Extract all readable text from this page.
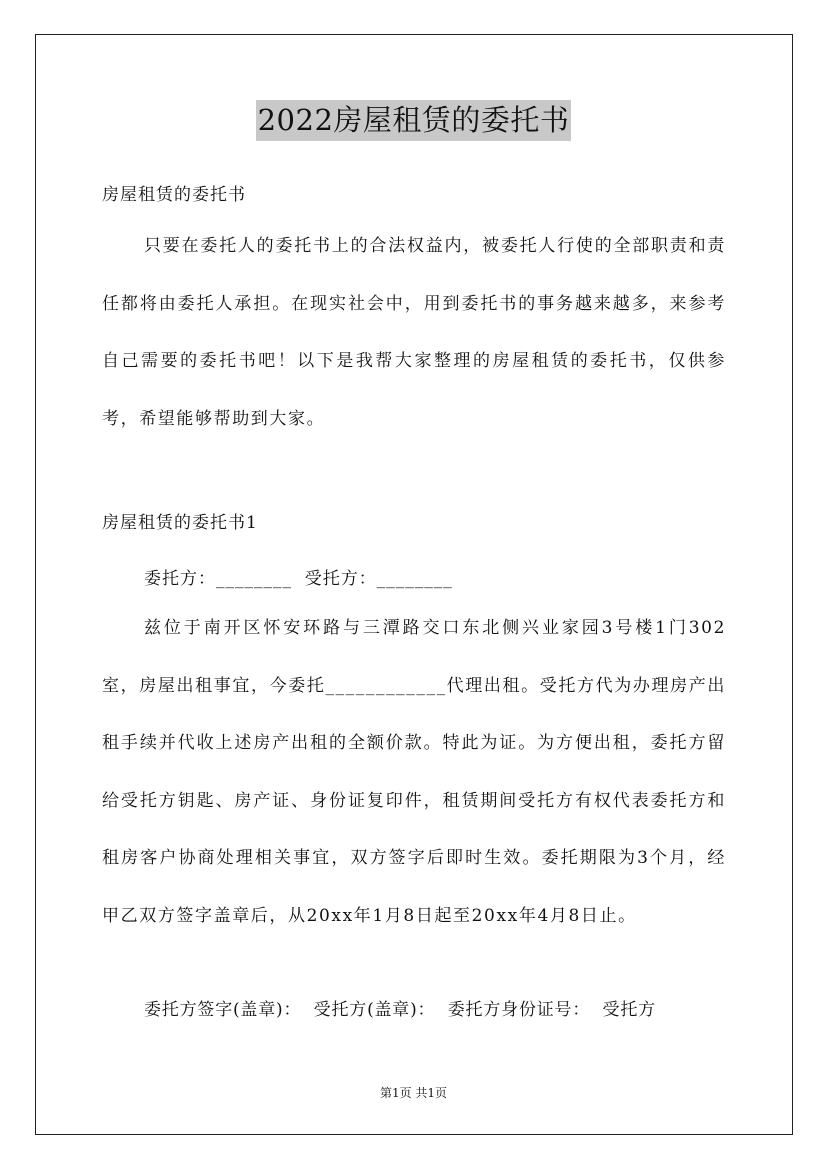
2022房屋租赁的委托书
房屋租赁的委托书
只要在委托人的委托书上的合法权益内，被委托人行使的全部职责和责任都将由委托人承担。在现实社会中，用到委托书的事务越来越多，来参考自己需要的委托书吧！以下是我帮大家整理的房屋租赁的委托书，仅供参考，希望能够帮助到大家。
房屋租赁的委托书1
委托方：________  受托方：________
兹位于南开区怀安环路与三潭路交口东北侧兴业家园3号楼1门302室，房屋出租事宜，今委托____________代理出租。受托方代为办理房产出租手续并代收上述房产出租的全额价款。特此为证。为方便出租，委托方留给受托方钥匙、房产证、身份证复印件，租赁期间受托方有权代表委托方和租房客户协商处理相关事宜，双方签字后即时生效。委托期限为3个月，经甲乙双方签字盖章后，从20xx年1月8日起至20xx年4月8日止。
委托方签字(盖章)：  受托方(盖章)：  委托方身份证号：  受托方
第1页 共1页
